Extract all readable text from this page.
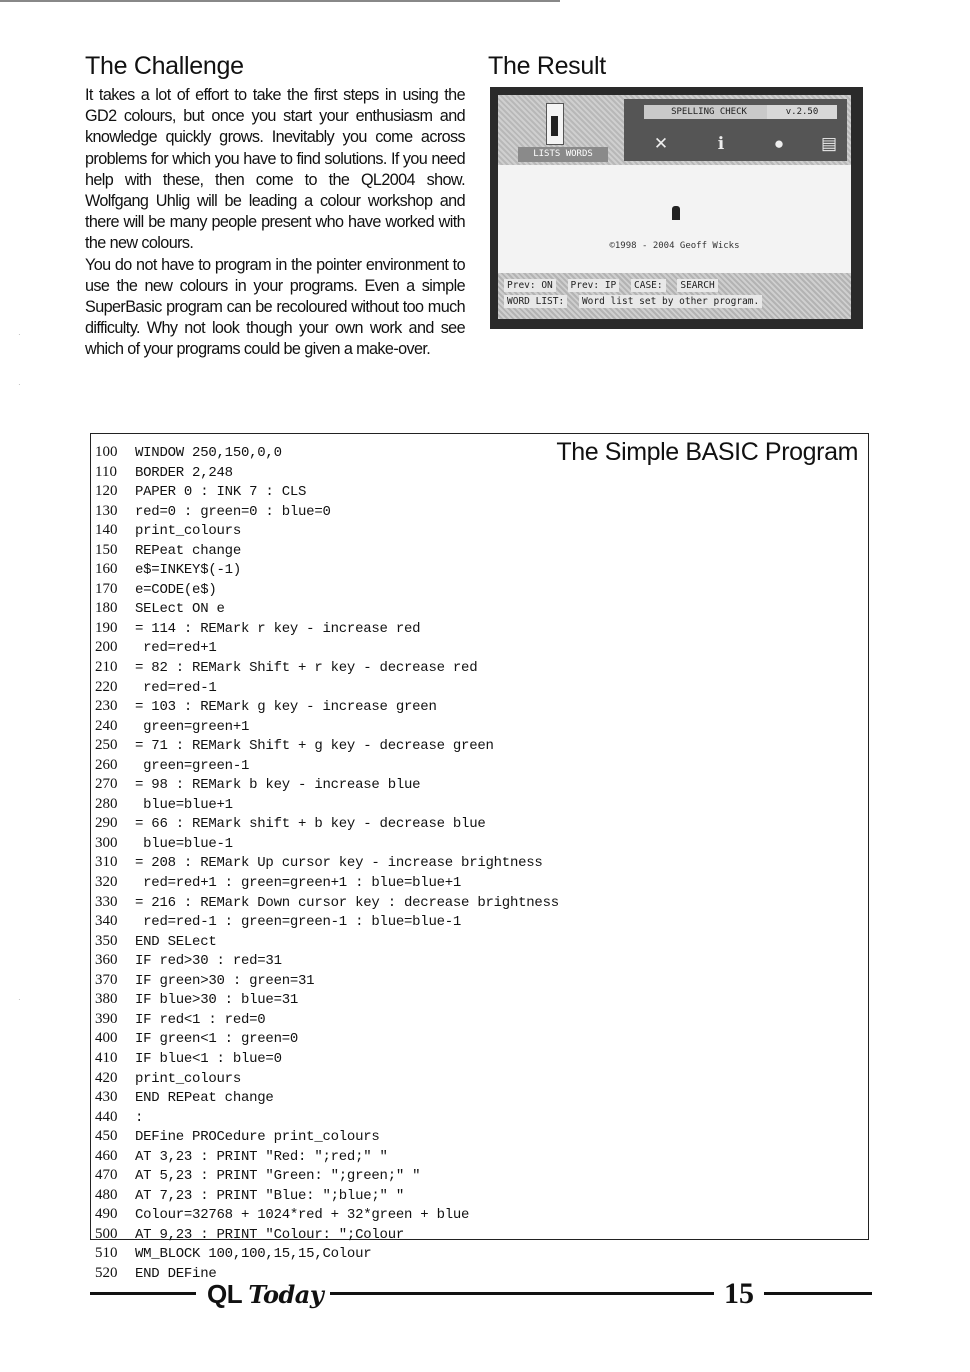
The Challenge

It takes a lot of effort to take the first steps in using the GD2 colours, but once you start your enthusiasm and knowledge quickly grows. Inevitably you come across problems for which you have to find solutions. If you need help with these, then come to the QL2004 show. Wolfgang Uhlig will be leading a colour workshop and there will be many people present who have worked with the new colours.

You do not have to program in the pointer environment to use the new colours in your programs. Even a simple SuperBasic program can be recoloured without too much difficulty. Why not look though your own work and see which of your programs could be given a make-over.

The Result
LISTS WORDS
SPELLING CHECK	v.2.50
✕	ℹ	●	▤
©1998 - 2004 Geoff Wicks
Prev: ON Prev: IP CASE: SEARCH
WORD LIST: Word list set by other program.
The Simple BASIC Program
100 WINDOW 250,150,0,0
110 BORDER 2,248
120 PAPER 0 : INK 7 : CLS
130 red=0 : green=0 : blue=0
140 print_colours
150 REPeat change
160 e$=INKEY$(-1)
170 e=CODE(e$)
180 SELect ON e
190 = 114 : REMark r key - increase red
200 red=red+1
210 = 82 : REMark Shift + r key - decrease red
220 red=red-1
230 = 103 : REMark g key - increase green
240 green=green+1
250 = 71 : REMark Shift + g key - decrease green
260 green=green-1
270 = 98 : REMark b key - increase blue
280 blue=blue+1
290 = 66 : REMark shift + b key - decrease blue
300 blue=blue-1
310 = 208 : REMark Up cursor key - increase brightness
320 red=red+1 : green=green+1 : blue=blue+1
330 = 216 : REMark Down cursor key : decrease brightness
340 red=red-1 : green=green-1 : blue=blue-1
350 END SELect
360 IF red>30 : red=31
370 IF green>30 : green=31
380 IF blue>30 : blue=31
390 IF red<1 : red=0
400 IF green<1 : green=0
410 IF blue<1 : blue=0
420 print_colours
430 END REPeat change
440 :
450 DEFine PROCedure print_colours
460 AT 3,23 : PRINT "Red: ";red;" "
470 AT 5,23 : PRINT "Green: ";green;" "
480 AT 7,23 : PRINT "Blue: ";blue;" "
490 Colour=32768 + 1024*red + 32*green + blue
500 AT 9,23 : PRINT "Colour: ";Colour
510 WM_BLOCK 100,100,15,15,Colour
520 END DEFine
QL Today	15
·
·
·
